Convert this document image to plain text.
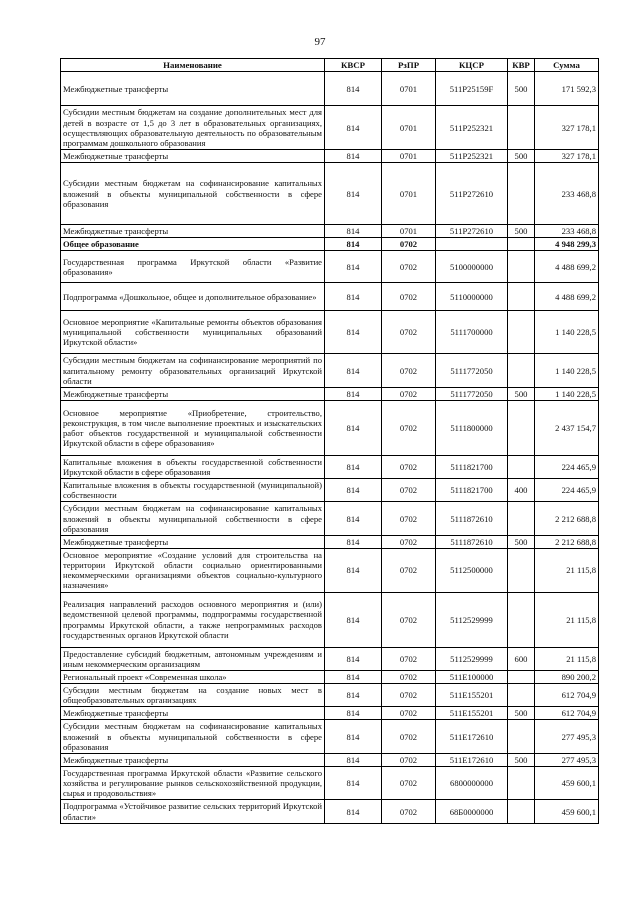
97
Наименование	КВСР	РзПР	КЦСР	КВР	Сумма
Межбюджетные трансферты	814	0701	511P25159F	500	171 592,3
Субсидии местным бюджетам на создание дополнительных мест для детей в возрасте от 1,5 до 3 лет в образовательных организациях, осуществляющих образовательную деятельность по образовательным программам дошкольного образования	814	0701	511P252321		327 178,1
Межбюджетные трансферты	814	0701	511P252321	500	327 178,1
Субсидии местным бюджетам на софинансирование капитальных вложений в объекты муниципальной собственности в сфере образования	814	0701	511P272610		233 468,8
Межбюджетные трансферты	814	0701	511P272610	500	233 468,8
Общее образование	814	0702			4 948 299,3
Государственная программа Иркутской области «Развитие образования»	814	0702	5100000000		4 488 699,2
Подпрограмма «Дошкольное, общее и дополнительное образование»	814	0702	5110000000		4 488 699,2
Основное мероприятие «Капитальные ремонты объектов образования муниципальной собственности муниципальных образований Иркутской области»	814	0702	5111700000		1 140 228,5
Субсидии местным бюджетам на софинансирование мероприятий по капитальному ремонту образовательных организаций Иркутской области	814	0702	5111772050		1 140 228,5
Межбюджетные трансферты	814	0702	5111772050	500	1 140 228,5
Основное мероприятие «Приобретение, строительство, реконструкция, в том числе выполнение проектных и изыскательских работ объектов государственной и муниципальной собственности Иркутской области в сфере образования»	814	0702	5111800000		2 437 154,7
Капитальные вложения в объекты государственной собственности Иркутской области в сфере образования	814	0702	5111821700		224 465,9
Капитальные вложения в объекты государственной (муниципальной) собственности	814	0702	5111821700	400	224 465,9
Субсидии местным бюджетам на софинансирование капитальных вложений в объекты муниципальной собственности в сфере образования	814	0702	5111872610		2 212 688,8
Межбюджетные трансферты	814	0702	5111872610	500	2 212 688,8
Основное мероприятие «Создание условий для строительства на территории Иркутской области социально ориентированными некоммерческими организациями объектов социально-культурного назначения»	814	0702	5112500000		21 115,8
Реализация направлений расходов основного мероприятия и (или) ведомственной целевой программы, подпрограммы государственной программы Иркутской области, а также непрограммных расходов государственных органов Иркутской области	814	0702	5112529999		21 115,8
Предоставление субсидий бюджетным, автономным учреждениям и иным некоммерческим организациям	814	0702	5112529999	600	21 115,8
Региональный проект «Современная школа»	814	0702	511E100000		890 200,2
Субсидии местным бюджетам на создание новых мест в общеобразовательных организациях	814	0702	511E155201		612 704,9
Межбюджетные трансферты	814	0702	511E155201	500	612 704,9
Субсидии местным бюджетам на софинансирование капитальных вложений в объекты муниципальной собственности в сфере образования	814	0702	511E172610		277 495,3
Межбюджетные трансферты	814	0702	511E172610	500	277 495,3
Государственная программа Иркутской области «Развитие сельского хозяйства и регулирование рынков сельскохозяйственной продукции, сырья и продовольствия»	814	0702	6800000000		459 600,1
Подпрограмма «Устойчивое развитие сельских территорий Иркутской области»	814	0702	68Б0000000		459 600,1
